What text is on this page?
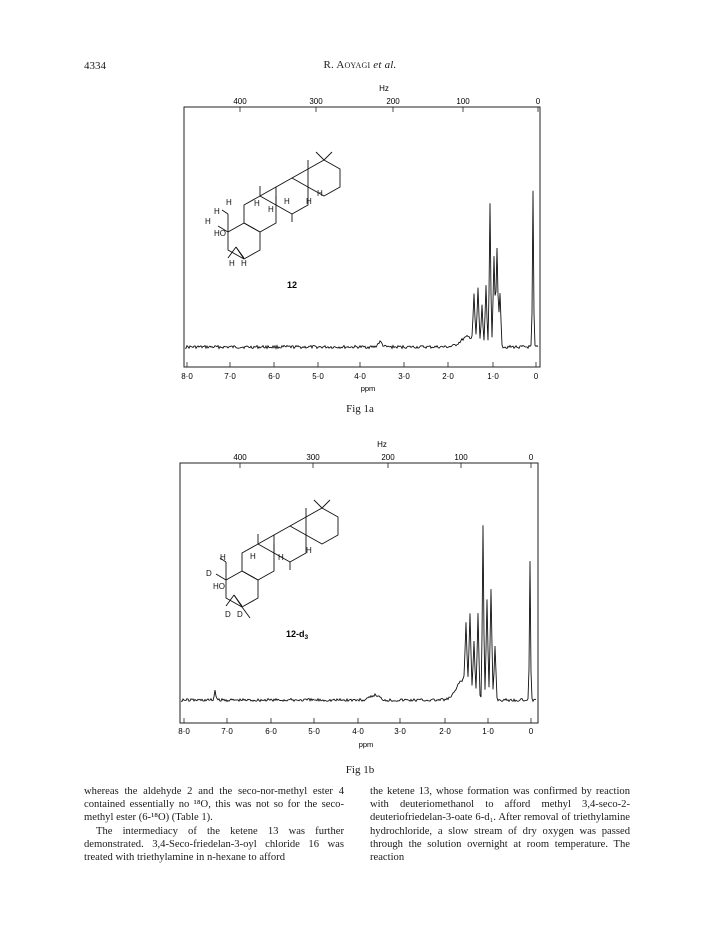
4334	R. Aoyagi et al.
Hz
400	300	200	100	0
8·0	7·0	6·0	5·0	4·0	3·0	2·0	1·0	0
ppm
H
H
H
H
H
H
H
H
HO
H H
12
Fig 1a
Hz
400	300	200	100	0
8·0	7·0	6·0	5·0	4·0	3·0	2·0	1·0	0
ppm
H
H
H
D
H
HO
D D
$12-d_3$
Fig 1b

whereas the aldehyde 2 and the seco-nor-methyl ester 4 contained essentially no ¹⁸O, this was not so for the seco-methyl ester (6-¹⁸O) (Table 1).

The intermediacy of the ketene 13 was further demonstrated. 3,4-Seco-friedelan-3-oyl chloride 16 was treated with triethylamine in n-hexane to afford

the ketene 13, whose formation was confirmed by reaction with deuteriomethanol to afford methyl 3,4-seco-2-deuteriofriedelan-3-oate 6-d₁. After removal of triethylamine hydrochloride, a slow stream of dry oxygen was passed through the solution overnight at room temperature. The reaction
